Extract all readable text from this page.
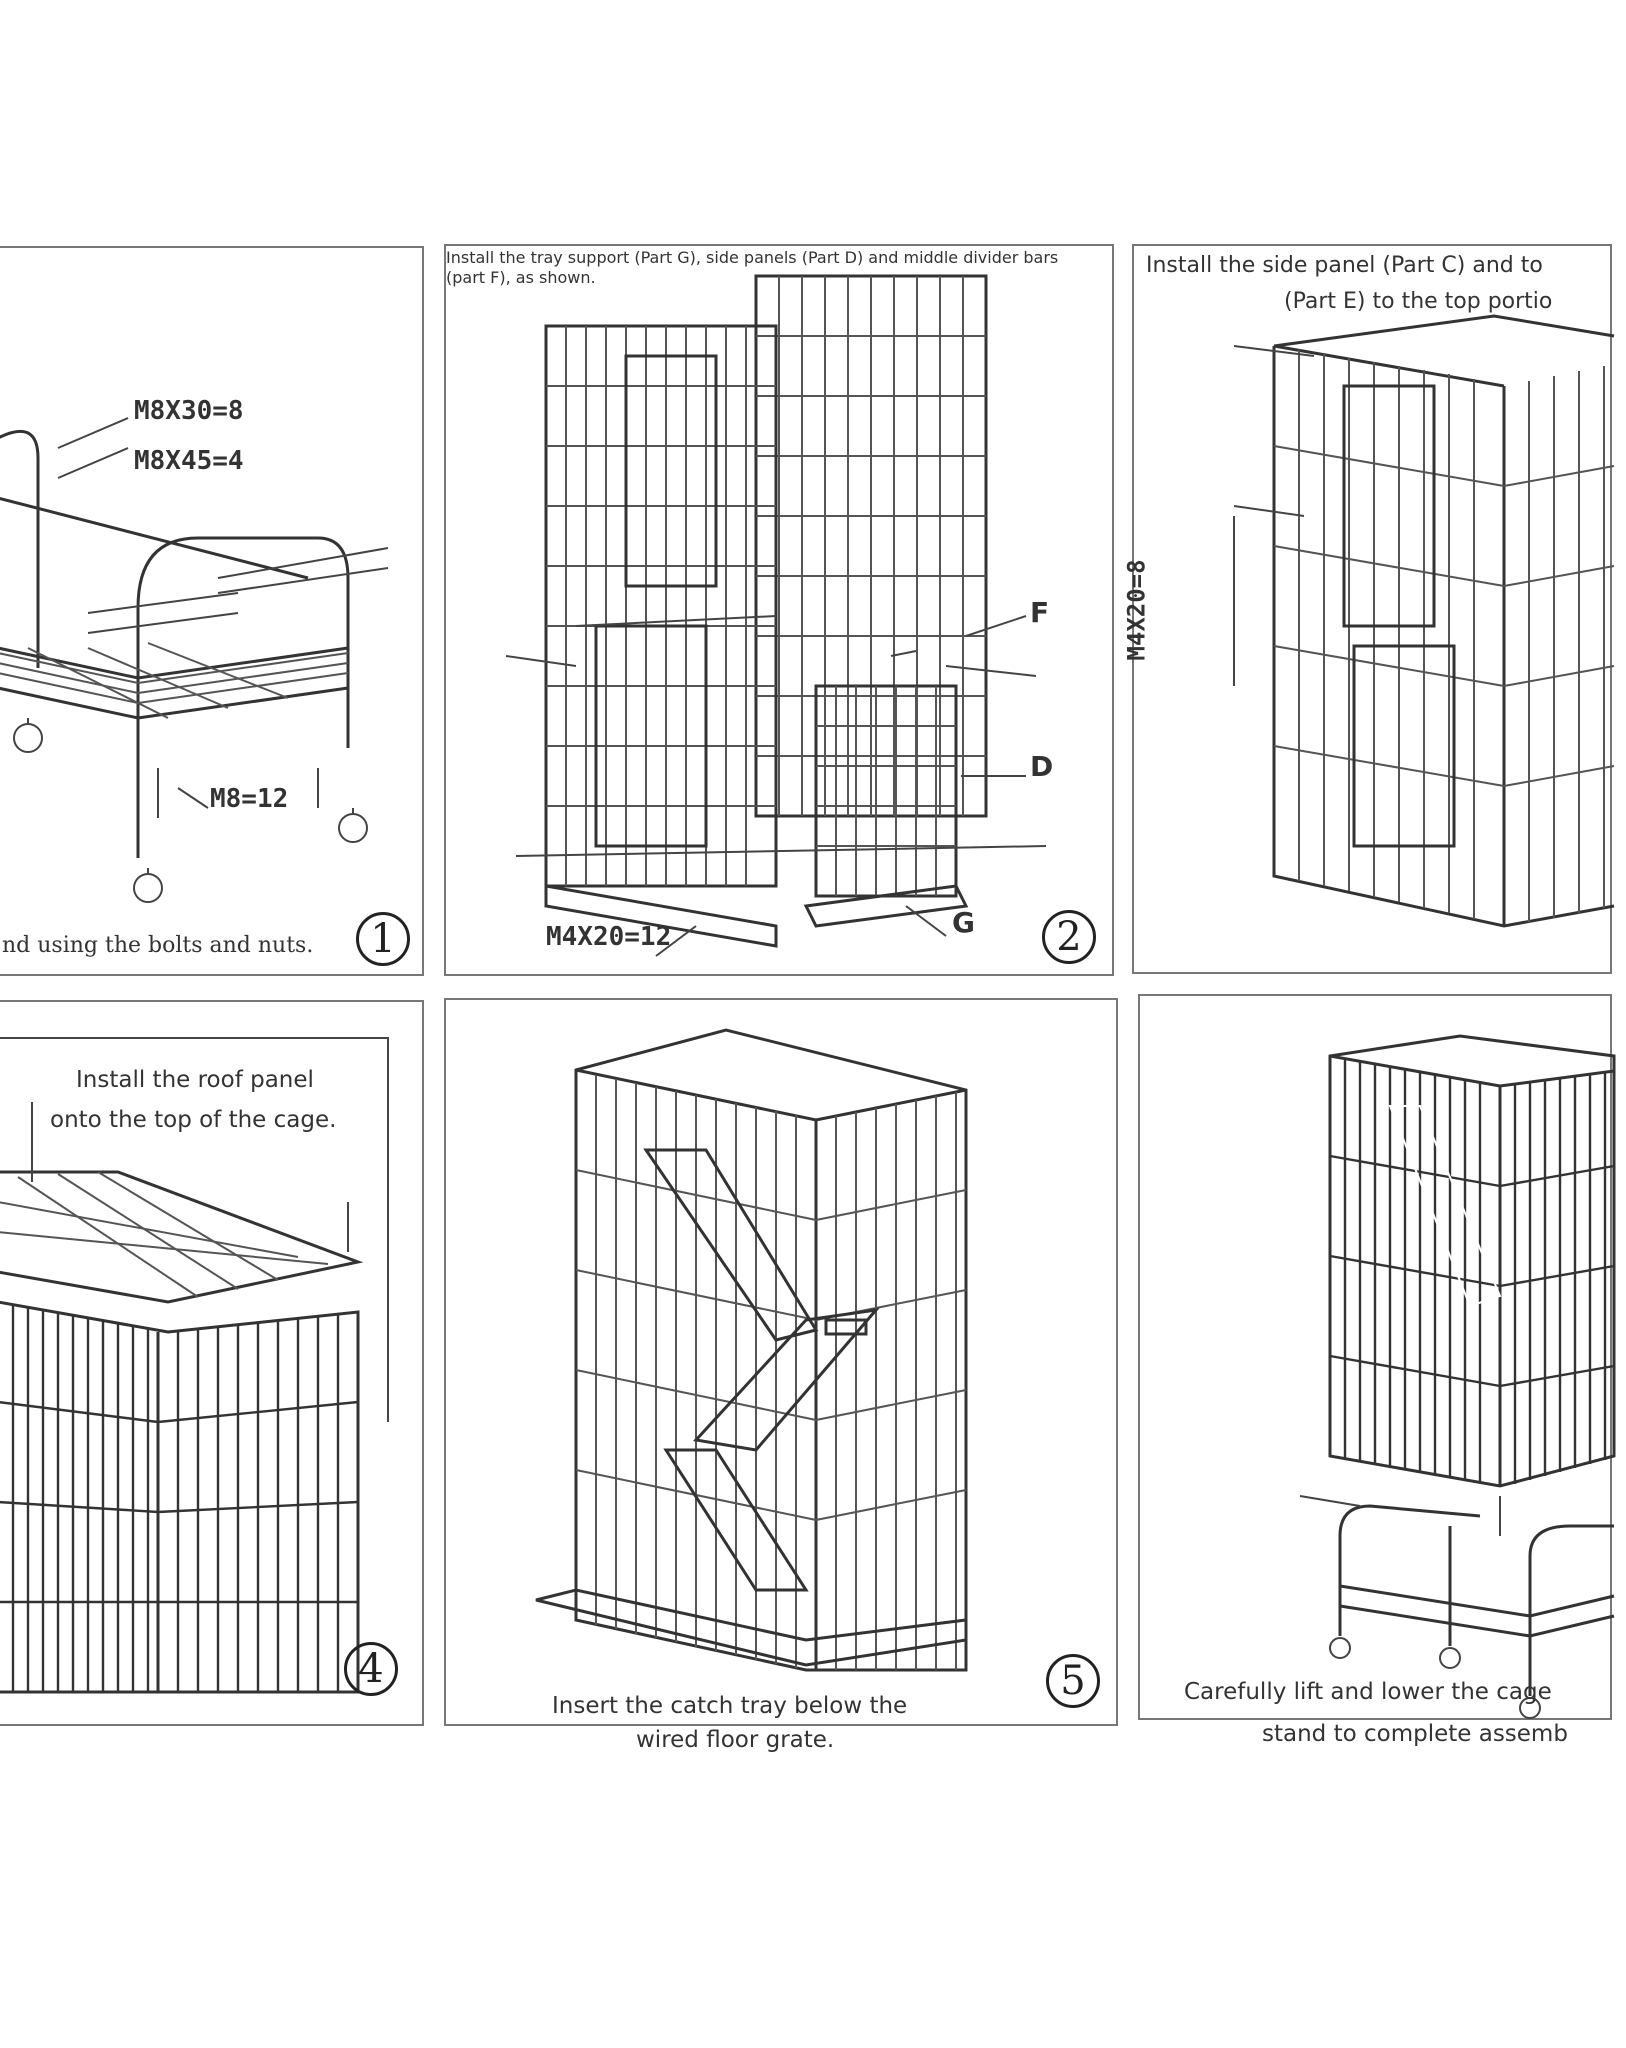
M8X30=8
M8X45=4
M8=12
nd using the bolts and nuts.	1
Install the tray support (Part G), side panels (Part D) and middle divider bars (part F), as shown.
F
D
G
M4X20=12	2
Install the side panel (Part C) and to
(Part E) to the top portio
M4X20=8
Install the roof panel
onto the top of the cage.
4
Insert the catch tray below the
5
wired floor grate.
Carefully lift and lower the cage
stand to complete assemb
